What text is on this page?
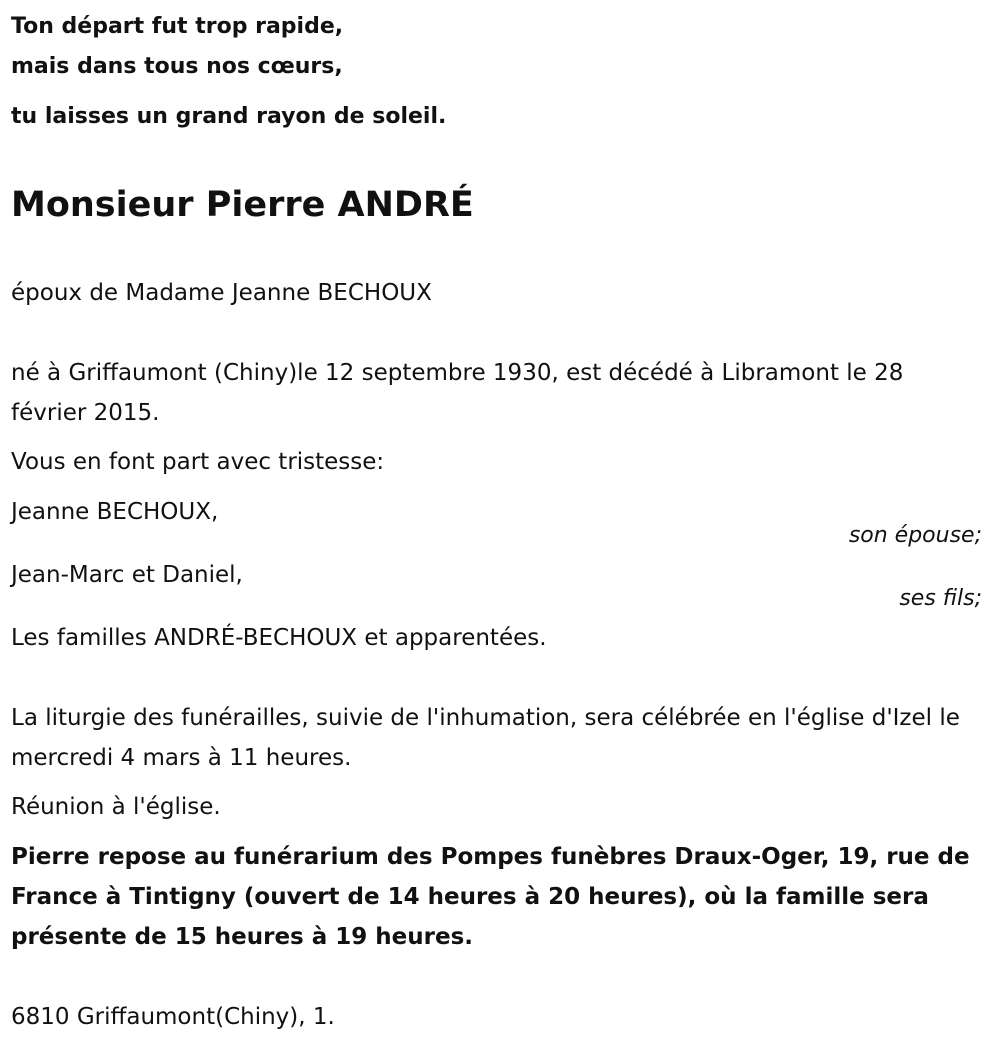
Ton départ fut trop rapide,
mais dans tous nos cœurs,
tu laisses un grand rayon de soleil.
Monsieur Pierre ANDRÉ

époux de Madame Jeanne BECHOUX

né à Griffaumont (Chiny)le 12 septembre 1930, est décédé à Libramont le 28 février 2015.

Vous en font part avec tristesse:

Jeanne BECHOUX,

son épouse;

Jean-Marc et Daniel,

ses fils;

Les familles ANDRÉ-BECHOUX et apparentées.

La liturgie des funérailles, suivie de l'inhumation, sera célébrée en l'église d'Izel le mercredi 4 mars à 11 heures.

Réunion à l'église.

Pierre repose au funérarium des Pompes funèbres Draux-Oger, 19, rue de France à Tintigny (ouvert de 14 heures à 20 heures), où la famille sera présente de 15 heures à 19 heures.

6810 Griffaumont(Chiny), 1.
